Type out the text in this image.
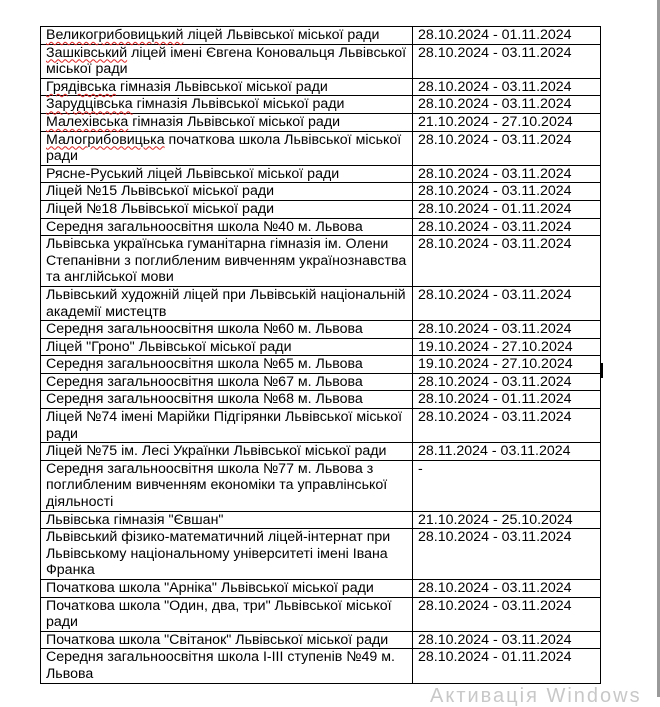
Великогрибовицький ліцей Львівської міської ради	28.10.2024 - 01.11.2024
Зашківський ліцей імені Євгена Коновальця Львівської міської ради	28.10.2024 - 03.11.2024
Грядівська гімназія Львівської міської ради	28.10.2024 - 03.11.2024
Зарудцівська гімназія Львівської міської ради	28.10.2024 - 03.11.2024
Малехівська гімназія Львівської міської ради	21.10.2024 - 27.10.2024
Малогрибовицька початкова школа Львівської міської ради	28.10.2024 - 03.11.2024
Рясне-Руський ліцей Львівської міської ради	28.10.2024 - 03.11.2024
Ліцей №15 Львівської міської ради	28.10.2024 - 03.11.2024
Ліцей №18 Львівської міської ради	28.10.2024 - 01.11.2024
Середня загальноосвітня школа №40 м. Львова	28.10.2024 - 03.11.2024
Львівська українська гуманітарна гімназія ім. Олени Степанівни з поглибленим вивченням українознавства та англійської мови	28.10.2024 - 03.11.2024
Львівський художній ліцей при Львівській національній академії мистецтв	28.10.2024 - 03.11.2024
Середня загальноосвітня школа №60 м. Львова	28.10.2024 - 03.11.2024
Ліцей "Гроно" Львівської міської ради	19.10.2024 - 27.10.2024
Середня загальноосвітня школа №65 м. Львова	19.10.2024 - 27.10.2024
Середня загальноосвітня школа №67 м. Львова	28.10.2024 - 03.11.2024
Середня загальноосвітня школа №68 м. Львова	28.10.2024 - 01.11.2024
Ліцей №74 імені Марійки Підгірянки Львівської міської ради	28.10.2024 - 03.11.2024
Ліцей №75 ім. Лесі Українки Львівської міської ради	28.11.2024 - 03.11.2024
Середня загальноосвітня школа №77 м. Львова з поглибленим вивченням економіки та управлінської діяльності	-
Львівська гімназія "Євшан"	21.10.2024 - 25.10.2024
Львівський фізико-математичний ліцей-інтернат при Львівському національному університеті імені Івана Франка	28.10.2024 - 03.11.2024
Початкова школа "Арніка" Львівської міської ради	28.10.2024 - 03.11.2024
Початкова школа "Один, два, три" Львівської міської ради	28.10.2024 - 03.11.2024
Початкова школа "Світанок" Львівської міської ради	28.10.2024 - 03.11.2024
Середня загальноосвітня школа І-ІІІ ступенів №49 м. Львова	28.10.2024 - 01.11.2024
Активація Windows
